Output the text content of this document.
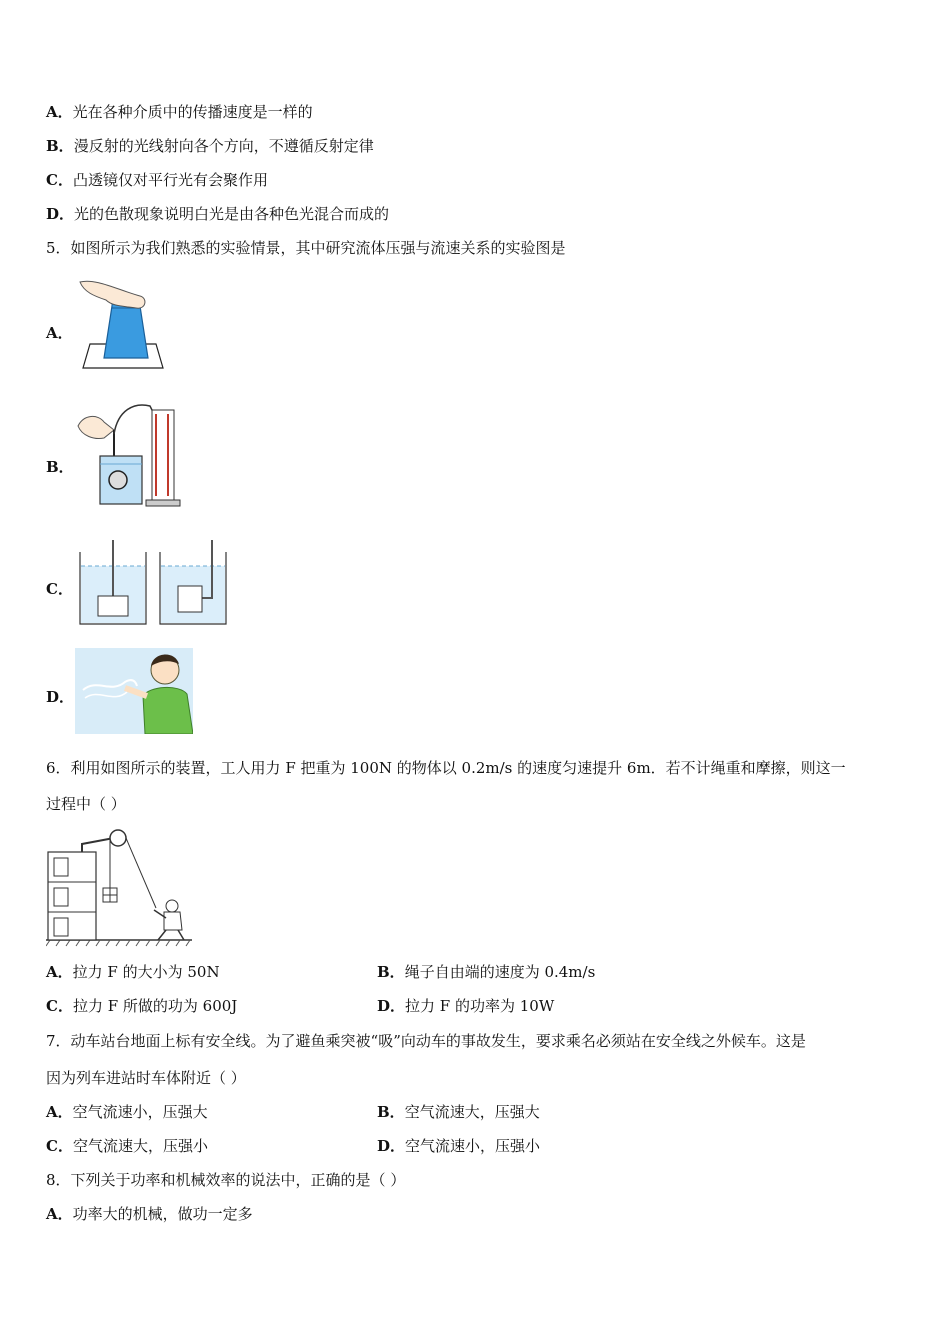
A．光在各种介质中的传播速度是一样的
B．漫反射的光线射向各个方向，不遵循反射定律
C．凸透镜仅对平行光有会聚作用
D．光的色散现象说明白光是由各种色光混合而成的
5．如图所示为我们熟悉的实验情景，其中研究流体压强与流速关系的实验图是
A．
B．
C．
D．
6．利用如图所示的装置，工人用力 F 把重为 100N 的物体以 0.2m/s 的速度匀速提升 6m．若不计绳重和摩擦，则这一
过程中（ ）
A．拉力 F 的大小为 50N	B．绳子自由端的速度为 0.4m/s
C．拉力 F 所做的功为 600J	D．拉力 F 的功率为 10W
7．动车站台地面上标有安全线。为了避鱼乘突被“吸”向动车的事故发生，要求乘名必须站在安全线之外候车。这是
因为列车进站时车体附近（ ）
A．空气流速小，压强大	B．空气流速大，压强大
C．空气流速大，压强小	D．空气流速小，压强小
8．下列关于功率和机械效率的说法中，正确的是（ ）
A．功率大的机械，做功一定多
